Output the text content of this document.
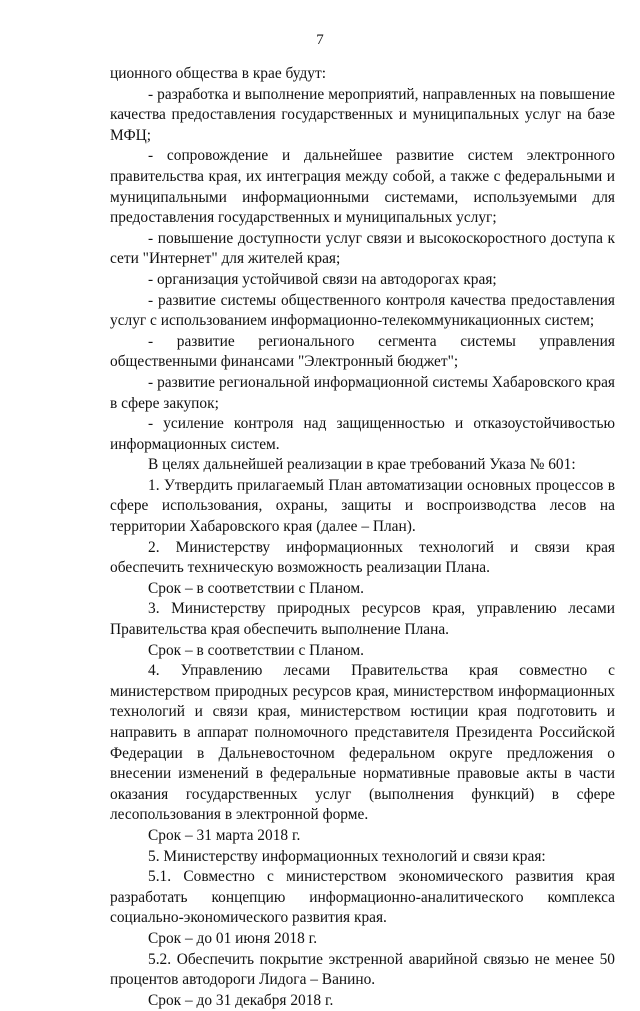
7

ционного общества в крае будут:

- разработка и выполнение мероприятий, направленных на повышение качества предоставления государственных и муниципальных услуг на базе МФЦ;

- сопровождение и дальнейшее развитие систем электронного правительства края, их интеграция между собой, а также с федеральными и муниципальными информационными системами, используемыми для предоставления государственных и муниципальных услуг;

- повышение доступности услуг связи и высокоскоростного доступа к сети "Интернет" для жителей края;

- организация устойчивой связи на автодорогах края;

- развитие системы общественного контроля качества предоставления услуг с использованием информационно-телекоммуникационных систем;

- развитие регионального сегмента системы управления общественными финансами "Электронный бюджет";

- развитие региональной информационной системы Хабаровского края в сфере закупок;

- усиление контроля над защищенностью и отказоустойчивостью информационных систем.

В целях дальнейшей реализации в крае требований Указа № 601:

1. Утвердить прилагаемый План автоматизации основных процессов в сфере использования, охраны, защиты и воспроизводства лесов на территории Хабаровского края (далее – План).

2. Министерству информационных технологий и связи края обеспечить техническую возможность реализации Плана.

Срок – в соответствии с Планом.

3. Министерству природных ресурсов края, управлению лесами Правительства края обеспечить выполнение Плана.

Срок – в соответствии с Планом.

4. Управлению лесами Правительства края совместно с министерством природных ресурсов края, министерством информационных технологий и связи края, министерством юстиции края подготовить и направить в аппарат полномочного представителя Президента Российской Федерации в Дальневосточном федеральном округе предложения о внесении изменений в федеральные нормативные правовые акты в части оказания государственных услуг (выполнения функций) в сфере лесопользования в электронной форме.

Срок – 31 марта 2018 г.

5. Министерству информационных технологий и связи края:

5.1. Совместно с министерством экономического развития края разработать концепцию информационно-аналитического комплекса социально-экономического развития края.

Срок – до 01 июня 2018 г.

5.2. Обеспечить покрытие экстренной аварийной связью не менее 50 процентов автодороги Лидога – Ванино.

Срок – до 31 декабря 2018 г.
